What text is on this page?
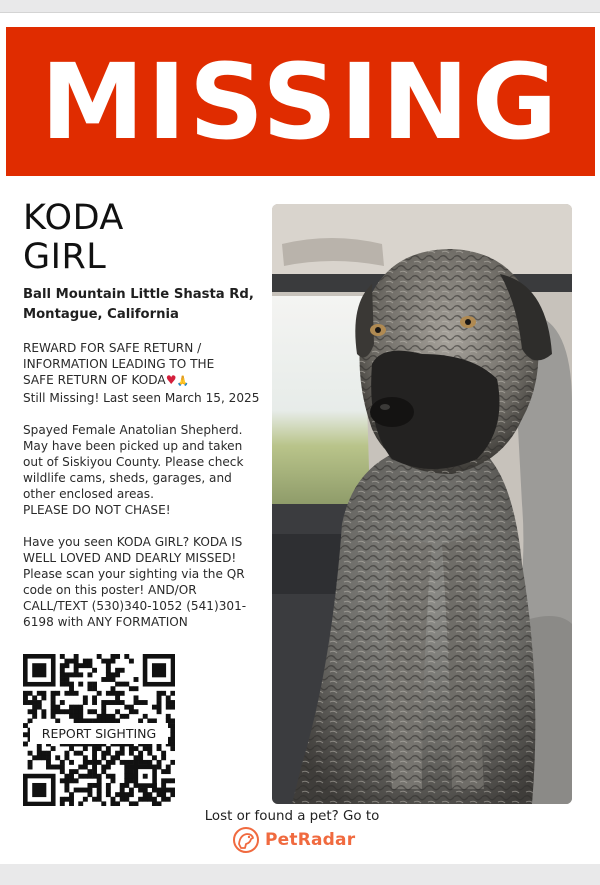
MISSING
KODA
GIRL
Ball Mountain Little Shasta Rd,
Montague, California
REWARD FOR SAFE RETURN /
INFORMATION LEADING TO THE
SAFE RETURN OF KODA♥🙏
Still Missing! Last seen March 15, 2025
Spayed Female Anatolian Shepherd.
May have been picked up and taken
out of Siskiyou County. Please check
wildlife cams, sheds, garages, and
other enclosed areas.
PLEASE DO NOT CHASE!
Have you seen KODA GIRL? KODA IS
WELL LOVED AND DEARLY MISSED!
Please scan your sighting via the QR
code on this poster! AND/OR
CALL/TEXT (530)340-1052 (541)301-
6198 with ANY FORMATION
REPORT SIGHTING
Lost or found a pet? Go to
PetRadar
